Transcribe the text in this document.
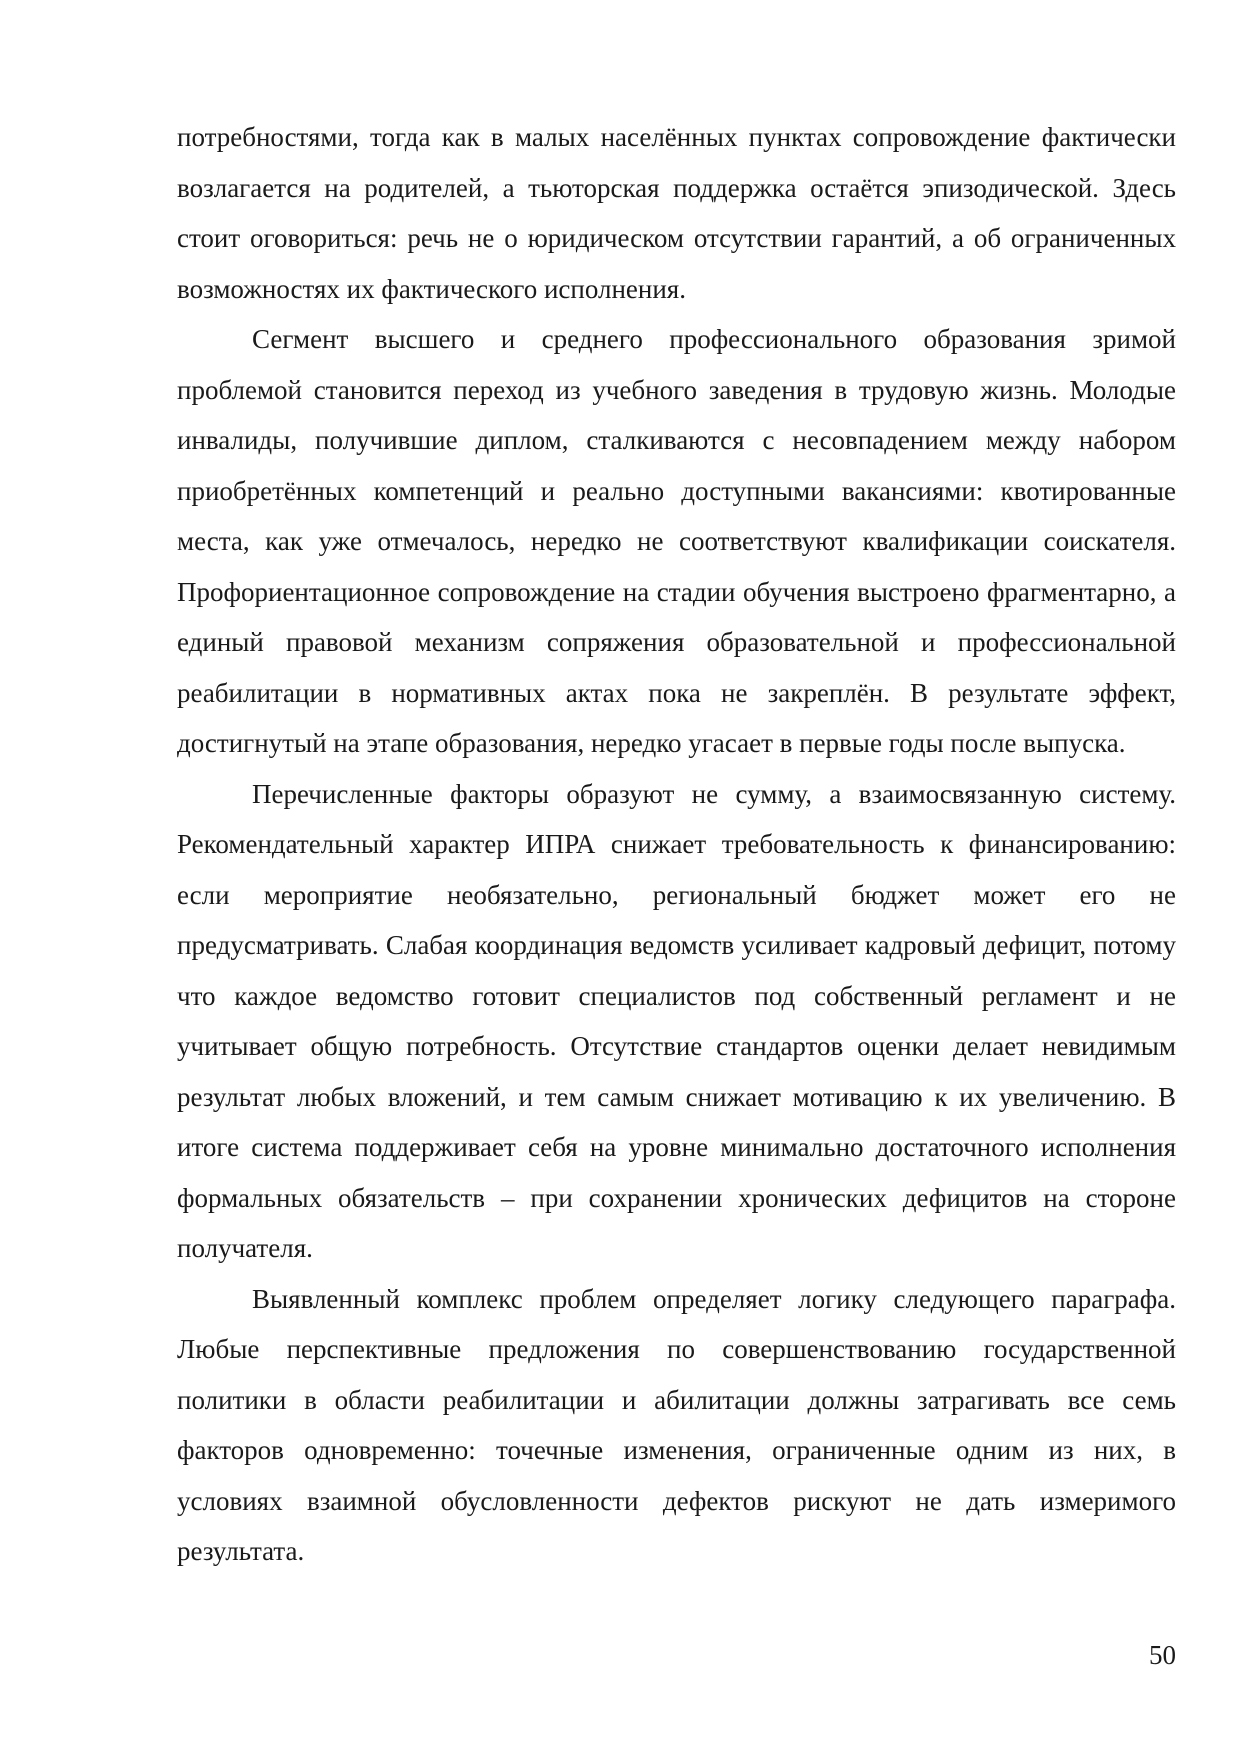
потребностями, тогда как в малых населённых пунктах сопровождение фактически возлагается на родителей, а тьюторская поддержка остаётся эпизодической. Здесь стоит оговориться: речь не о юридическом отсутствии гарантий, а об ограниченных возможностях их фактического исполнения.

Сегмент высшего и среднего профессионального образования зримой проблемой становится переход из учебного заведения в трудовую жизнь. Молодые инвалиды, получившие диплом, сталкиваются с несовпадением между набором приобретённых компетенций и реально доступными вакансиями: квотированные места, как уже отмечалось, нередко не соответствуют квалификации соискателя. Профориентационное сопровождение на стадии обучения выстроено фрагментарно, а единый правовой механизм сопряжения образовательной и профессиональной реабилитации в нормативных актах пока не закреплён. В результате эффект, достигнутый на этапе образования, нередко угасает в первые годы после выпуска.

Перечисленные факторы образуют не сумму, а взаимосвязанную систему. Рекомендательный характер ИПРА снижает требовательность к финансированию: если мероприятие необязательно, региональный бюджет может его не предусматривать. Слабая координация ведомств усиливает кадровый дефицит, потому что каждое ведомство готовит специалистов под собственный регламент и не учитывает общую потребность. Отсутствие стандартов оценки делает невидимым результат любых вложений, и тем самым снижает мотивацию к их увеличению. В итоге система поддерживает себя на уровне минимально достаточного исполнения формальных обязательств – при сохранении хронических дефицитов на стороне получателя.

Выявленный комплекс проблем определяет логику следующего параграфа. Любые перспективные предложения по совершенствованию государственной политики в области реабилитации и абилитации должны затрагивать все семь факторов одновременно: точечные изменения, ограниченные одним из них, в условиях взаимной обусловленности дефектов рискуют не дать измеримого результата.

50
